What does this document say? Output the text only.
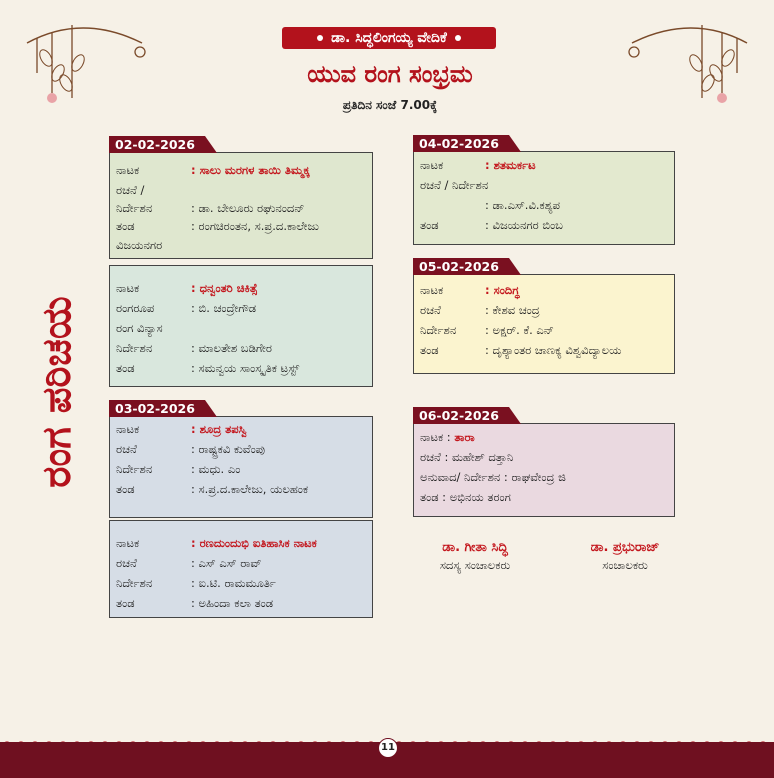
ಡಾ. ಸಿದ್ಧಲಿಂಗಯ್ಯ ವೇದಿಕೆ
ಯುವ ರಂಗ ಸಂಭ್ರಮ
ಪ್ರತಿದಿನ ಸಂಜೆ 7.00ಕ್ಕೆ
ರಂಗ ಪರಿಚಯ
02-02-2026
ನಾಟಕ	: ಸಾಲು ಮರಗಳ ತಾಯಿ ತಿಮ್ಮಕ್ಕ
ರಚನೆ /
ನಿರ್ದೇಶನ	: ಡಾ. ಬೇಲೂರು ರಘುನಂದನ್
ತಂಡ	: ರಂಗಚಿರಂತನ, ಸ.ಪ್ರ.ದ.ಕಾಲೇಜು
ವಿಜಯನಗರ
ನಾಟಕ	: ಧನ್ವಂತರಿ ಚಿಕಿತ್ಸೆ
ರಂಗರೂಪ	: ಬಿ. ಚಂದ್ರೇಗೌಡ
ರಂಗ ವಿನ್ಯಾಸ
ನಿರ್ದೇಶನ	: ಮಾಲತೇಶ ಬಡಿಗೇರ
ತಂಡ	: ಸಮನ್ವಯ ಸಾಂಸ್ಕೃತಿಕ ಟ್ರಸ್ಟ್
03-02-2026
ನಾಟಕ	: ಶೂದ್ರ ತಪಸ್ವಿ
ರಚನೆ	: ರಾಷ್ಟ್ರಕವಿ ಕುವೆಂಪು
ನಿರ್ದೇಶನ	: ಮಧು. ಎಂ
ತಂಡ	: ಸ.ಪ್ರ.ದ.ಕಾಲೇಜು, ಯಲಹಂಕ
ನಾಟಕ	: ರಣದುಂದುಭಿ ಐತಿಹಾಸಿಕ ನಾಟಕ
ರಚನೆ	: ಎಸ್ ಎಸ್ ರಾವ್
ನಿರ್ದೇಶನ	: ಐ.ಟಿ. ರಾಮಮೂರ್ತಿ
ತಂಡ	: ಅಹಿಂದಾ ಕಲಾ ತಂಡ
04-02-2026
ನಾಟಕ	: ಶತಮರ್ಕಟ
ರಚನೆ / ನಿರ್ದೇಶನ
: ಡಾ.ಎಸ್.ವಿ.ಕಶ್ಯಪ
ತಂಡ	: ವಿಜಯನಗರ ಬಿಂಬ
05-02-2026
ನಾಟಕ	: ಸಂದಿಗ್ಧ
ರಚನೆ	: ಕೇಶವ ಚಂದ್ರ
ನಿರ್ದೇಶನ	: ಅಕ್ಷರ್. ಕೆ. ಎನ್
ತಂಡ	: ದೃಶ್ಯಾಂತರ ಚಾಣಕ್ಯ ವಿಶ್ವವಿದ್ಯಾಲಯ
06-02-2026
ನಾಟಕ : ತಾರಾ
ರಚನೆ : ಮಹೇಶ್ ದತ್ತಾನಿ
ಅನುವಾದ/ ನಿರ್ದೇಶನ : ರಾಘವೇಂದ್ರ ಜಿ
ತಂಡ : ಅಭಿನಯ ತರಂಗ
ಡಾ. ಗೀತಾ ಸಿದ್ಧಿ
ಸದಸ್ಯ ಸಂಚಾಲಕರು
ಡಾ. ಪ್ರಭುರಾಜ್
ಸಂಚಾಲಕರು
11
